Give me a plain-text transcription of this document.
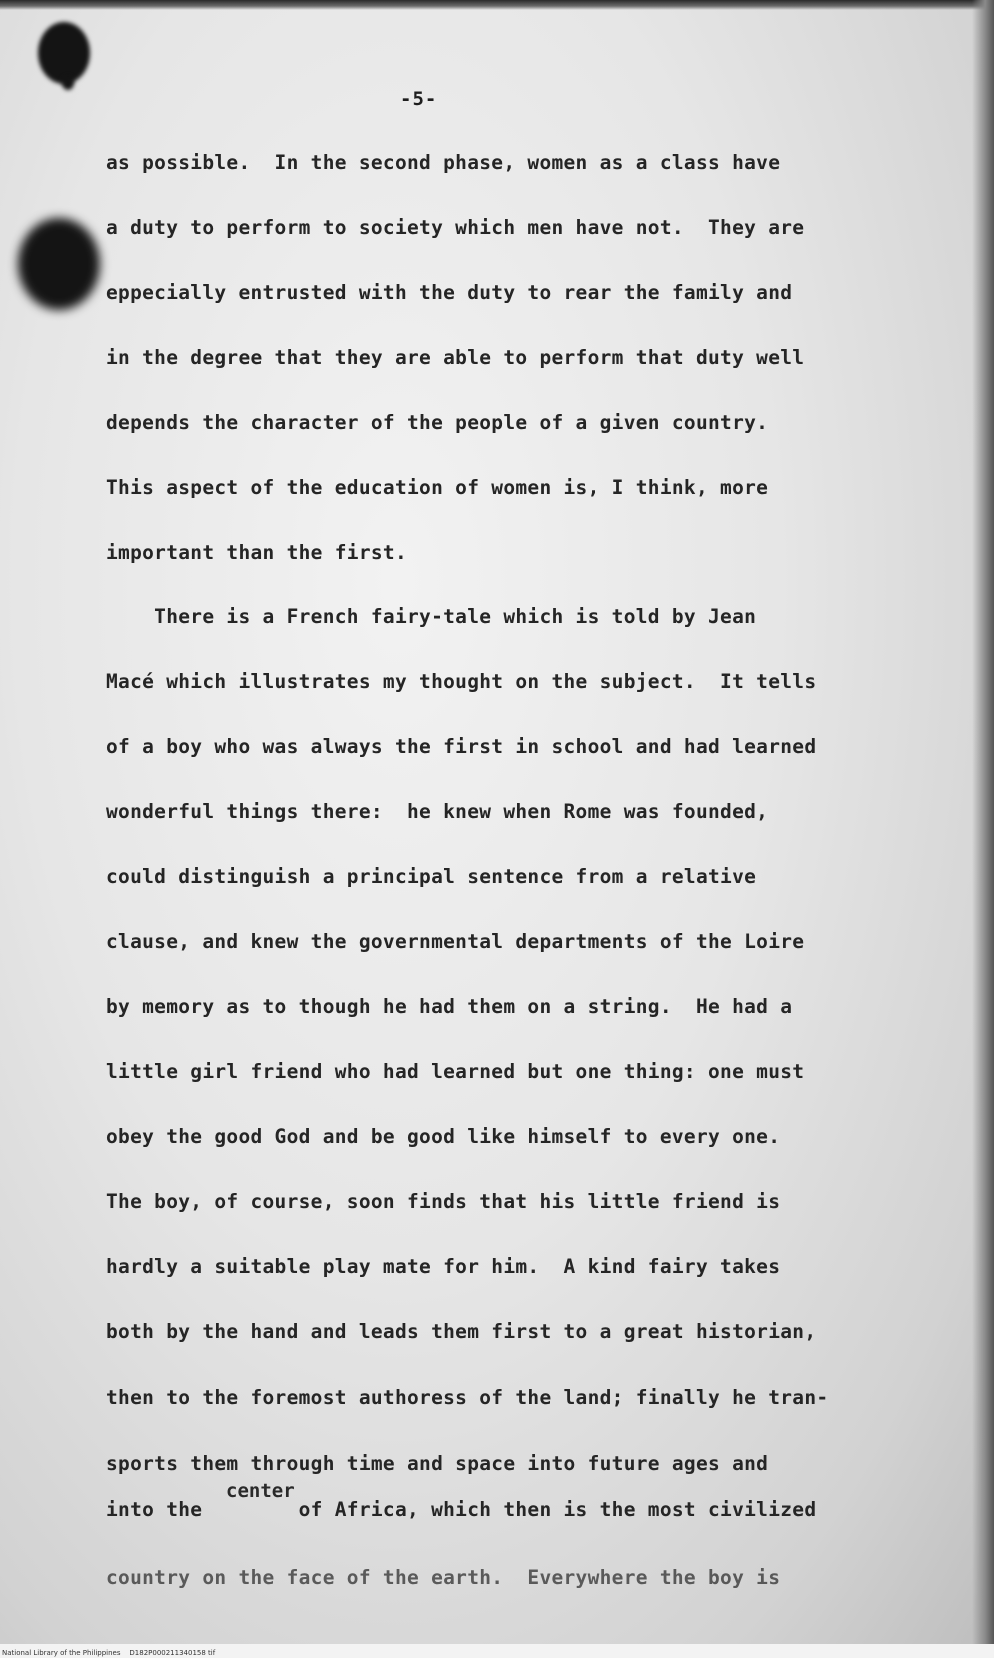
-5-
as possible.  In the second phase, women as a class have
a duty to perform to society which men have not.  They are
eppecially entrusted with the duty to rear the family and
in the degree that they are able to perform that duty well
depends the character of the people of a given country.
This aspect of the education of women is, I think, more
important than the first.
There is a French fairy-tale which is told by Jean
Macé which illustrates my thought on the subject.  It tells
of a boy who was always the first in school and had learned
wonderful things there:  he knew when Rome was founded,
could distinguish a principal sentence from a relative
clause, and knew the governmental departments of the Loire
by memory as to though he had them on a string.  He had a
little girl friend who had learned but one thing: one must
obey the good God and be good like himself to every one.
The boy, of course, soon finds that his little friend is
hardly a suitable play mate for him.  A kind fairy takes
both by the hand and leads them first to a great historian,
then to the foremost authoress of the land; finally he tran-
sports them through time and space into future ages and
center
into the        of Africa, which then is the most civilized
country on the face of the earth.  Everywhere the boy is
National Library of the Philippines    D182P000211340158 tif
